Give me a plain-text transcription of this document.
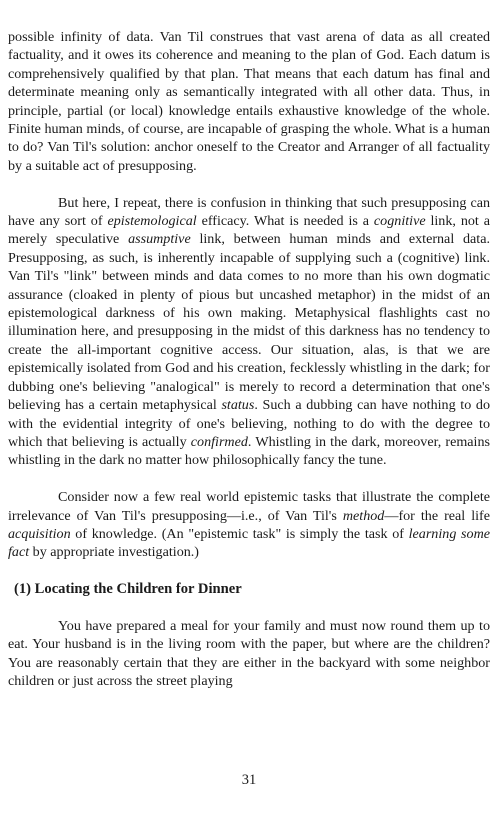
possible infinity of data. Van Til construes that vast arena of data as all created factuality, and it owes its coherence and meaning to the plan of God. Each datum is comprehensively qualified by that plan. That means that each datum has final and determinate meaning only as semantically integrated with all other data. Thus, in principle, partial (or local) knowledge entails exhaustive knowledge of the whole. Finite human minds, of course, are incapable of grasping the whole. What is a human to do? Van Til's solution: anchor oneself to the Creator and Arranger of all factuality by a suitable act of presupposing.

But here, I repeat, there is confusion in thinking that such presupposing can have any sort of epistemological efficacy. What is needed is a cognitive link, not a merely speculative assumptive link, between human minds and external data. Presupposing, as such, is inherently incapable of supplying such a (cognitive) link. Van Til's "link" between minds and data comes to no more than his own dogmatic assurance (cloaked in plenty of pious but uncashed metaphor) in the midst of an epistemological darkness of his own making. Metaphysical flashlights cast no illumination here, and presupposing in the midst of this darkness has no tendency to create the all-important cognitive access. Our situation, alas, is that we are epistemically isolated from God and his creation, fecklessly whistling in the dark; for dubbing one's believing "analogical" is merely to record a determination that one's believing has a certain metaphysical status. Such a dubbing can have nothing to do with the evidential integrity of one's believing, nothing to do with the degree to which that believing is actually confirmed. Whistling in the dark, moreover, remains whistling in the dark no matter how philosophically fancy the tune.

Consider now a few real world epistemic tasks that illustrate the complete irrelevance of Van Til's presupposing—i.e., of Van Til's method—for the real life acquisition of knowledge. (An "epistemic task" is simply the task of learning some fact by appropriate investigation.)

(1) Locating the Children for Dinner

You have prepared a meal for your family and must now round them up to eat. Your husband is in the living room with the paper, but where are the children? You are reasonably certain that they are either in the backyard with some neighbor children or just across the street playing

31
